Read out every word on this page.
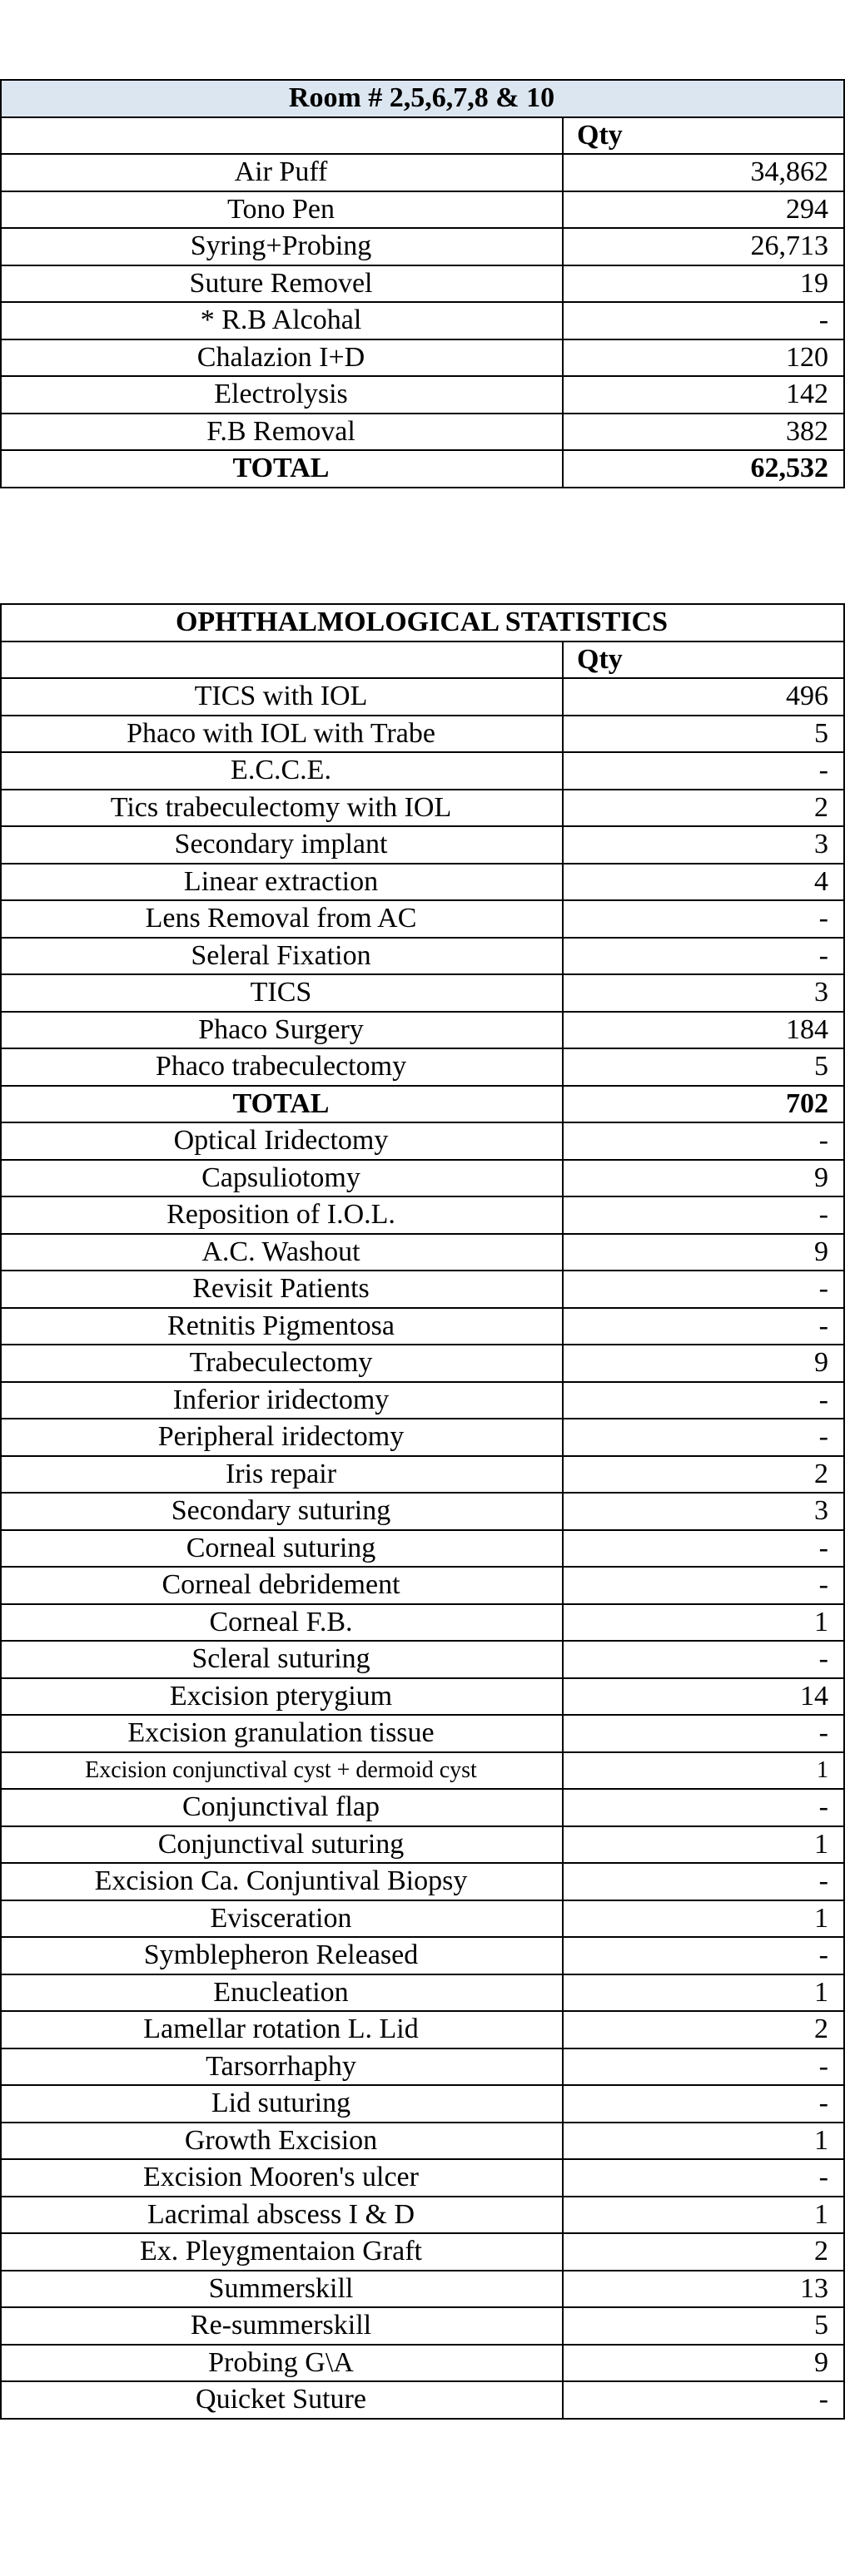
Room # 2,5,6,7,8 & 10	
	Qty
Air Puff	34,862
Tono Pen	294
Syring+Probing	26,713
Suture Removel	19
* R.B Alcohal	-
Chalazion I+D	120
Electrolysis	142
F.B Removal	382
TOTAL	62,532
OPHTHALMOLOGICAL STATISTICS	
	Qty
TICS with IOL	496
Phaco with IOL with Trabe	5
E.C.C.E.	-
Tics trabeculectomy with IOL	2
Secondary implant	3
Linear extraction	4
Lens Removal from AC	-
Seleral Fixation	-
TICS	3
Phaco Surgery	184
Phaco trabeculectomy	5
TOTAL	702
Optical Iridectomy	-
Capsuliotomy	9
Reposition of I.O.L.	-
A.C. Washout	9
Revisit Patients	-
Retnitis Pigmentosa	-
Trabeculectomy	9
Inferior iridectomy	-
Peripheral iridectomy	-
Iris repair	2
Secondary suturing	3
Corneal suturing	-
Corneal debridement	-
Corneal F.B.	1
Scleral suturing	-
Excision pterygium	14
Excision granulation tissue	-
Excision conjunctival cyst + dermoid cyst	1
Conjunctival flap	-
Conjunctival suturing	1
Excision Ca. Conjuntival Biopsy	-
Evisceration	1
Symblepheron Released	-
Enucleation	1
Lamellar rotation L. Lid	2
Tarsorrhaphy	-
Lid suturing	-
Growth Excision	1
Excision Mooren's ulcer	-
Lacrimal abscess I & D	1
Ex. Pleygmentaion Graft	2
Summerskill	13
Re-summerskill	5
Probing G\A	9
Quicket Suture	-
